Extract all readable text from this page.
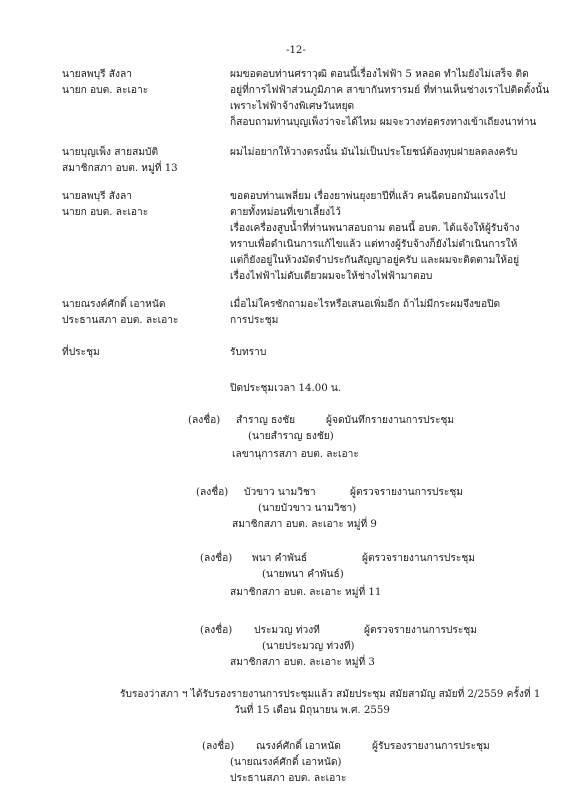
-12-
นายลพบุรี สังลา
นายก อบต. ละเอาะ
ผมขอตอบท่านศราวุฒิ ตอนนี้เรื่องไฟฟ้า 5 หลอด ทำไมยังไม่เสร็จ ติด
อยู่ที่การไฟฟ้าส่วนภูมิภาค สาขากันทรารมย์ ที่ท่านเห็นช่างเราไปติดตั้งนั้น
เพราะไฟฟ้าจ้างพิเศษวันหยุด
ก็สอบถามท่านบุญเพ็งว่าจะได้ไหม ผมจะวางท่อตรงทางเข้าเถียงนาท่าน
นายบุญเพ็ง สายสมบัติ
สมาชิกสภา อบต. หมู่ที่ 13
ผมไม่อยากให้วางตรงนั้น มันไม่เป็นประโยชน์ต้องทุบฝายลดลงครับ
นายลพบุรี สังลา
นายก อบต. ละเอาะ
ขอตอบท่านเพลี่ยม เรื่องยาพ่นยุงยาปีที่แล้ว คนฉีดบอกมันแรงไป
ตายทั้งหม่อนที่เขาเลี้ยงไว้
เรื่องเครื่องสูบน้ำที่ท่านพนาสอบถาม ตอนนี้ อบต. ได้แจ้งให้ผู้รับจ้าง
ทราบเพื่อดำเนินการแก้ไขแล้ว แต่ทางผู้รับจ้างก็ยังไม่ดำเนินการให้
แต่ก็ยังอยู่ในห้วงมัดจำประกันสัญญาอยู่ครับ และผมจะติดตามให้อยู่
เรื่องไฟฟ้าไม่ดับเดียวผมจะให้ช่างไฟฟ้ามาตอบ
นายณรงค์ศักดิ์ เอาหนัด
ประธานสภา อบต. ละเอาะ
เมื่อไม่ใครซักถามอะไรหรือเสนอเพิ่มอีก ถ้าไม่มีกระผมจึงขอปิด
การประชุม
ที่ประชุม	รับทราบ
ปิดประชุมเวลา 14.00 น.
(ลงชื่อ) สำราญ ธงชัย	ผู้จดบันทึกรายงานการประชุม
(นายสำราญ ธงชัย)
เลขานุการสภา อบต. ละเอาะ
(ลงชื่อ) บัวขาว นามวิชา	ผู้ตรวจรายงานการประชุม
(นายบัวขาว นามวิชา)
สมาชิกสภา อบต. ละเอาะ หมู่ที่ 9
(ลงชื่อ) พนา คำพันธ์	ผู้ตรวจรายงานการประชุม
(นายพนา คำพันธ์)
สมาชิกสภา อบต. ละเอาะ หมู่ที่ 11
(ลงชื่อ) ประมวญ ท่วงที	ผู้ตรวจรายงานการประชุม
(นายประมวญ ท่วงที)
สมาชิกสภา อบต. ละเอาะ หมู่ที่ 3
รับรองว่าสภา ฯ ได้รับรองรายงานการประชุมแล้ว สมัยประชุม สมัยสามัญ สมัยที่ 2/2559 ครั้งที่ 1
วันที่ 15 เดือน มิถุนายน พ.ศ. 2559
(ลงชื่อ) ณรงค์ศักดิ์ เอาหนัด	ผู้รับรองรายงานการประชุม
(นายณรงค์ศักดิ์ เอาหนัด)
ประธานสภา อบต. ละเอาะ
